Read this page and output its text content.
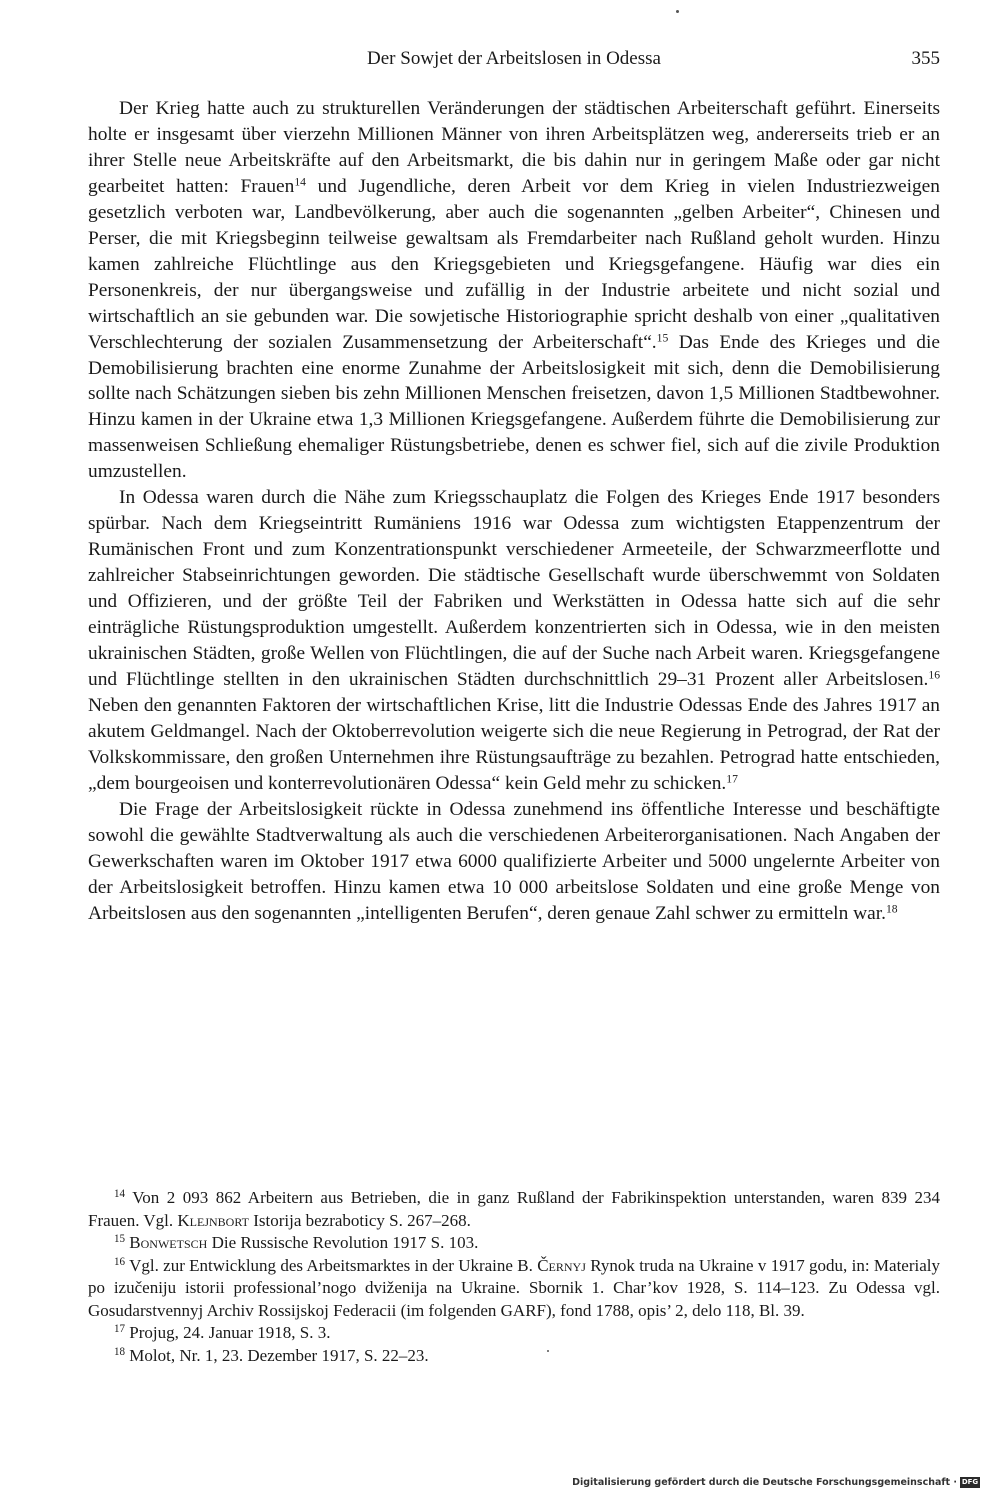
Der Sowjet der Arbeitslosen in Odessa	355

Der Krieg hatte auch zu strukturellen Veränderungen der städtischen Arbeiterschaft geführt. Einerseits holte er insgesamt über vierzehn Millionen Männer von ihren Arbeitsplätzen weg, andererseits trieb er an ihrer Stelle neue Arbeitskräfte auf den Arbeitsmarkt, die bis dahin nur in geringem Maße oder gar nicht gearbeitet hatten: Frauen$^{14}$ und Jugendliche, deren Arbeit vor dem Krieg in vielen Industriezweigen gesetzlich verboten war, Landbevölkerung, aber auch die sogenannten „gelben Arbeiter“, Chinesen und Perser, die mit Kriegsbeginn teilweise gewaltsam als Fremdarbeiter nach Rußland geholt wurden. Hinzu kamen zahlreiche Flüchtlinge aus den Kriegsgebieten und Kriegsgefangene. Häufig war dies ein Personenkreis, der nur übergangsweise und zufällig in der Industrie arbeitete und nicht sozial und wirtschaftlich an sie gebunden war. Die sowjetische Historiographie spricht deshalb von einer „qualitativen Verschlechterung der sozialen Zusammensetzung der Arbeiterschaft“.$^{15}$ Das Ende des Krieges und die Demobilisierung brachten eine enorme Zunahme der Arbeitslosigkeit mit sich, denn die Demobilisierung sollte nach Schätzungen sieben bis zehn Millionen Menschen freisetzen, davon 1,5 Millionen Stadtbewohner. Hinzu kamen in der Ukraine etwa 1,3 Millionen Kriegsgefangene. Außerdem führte die Demobilisierung zur massenweisen Schließung ehemaliger Rüstungsbetriebe, denen es schwer fiel, sich auf die zivile Produktion umzustellen.

In Odessa waren durch die Nähe zum Kriegsschauplatz die Folgen des Krieges Ende 1917 besonders spürbar. Nach dem Kriegseintritt Rumäniens 1916 war Odessa zum wichtigsten Etappenzentrum der Rumänischen Front und zum Konzentrationspunkt verschiedener Armeeteile, der Schwarzmeerflotte und zahlreicher Stabseinrichtungen geworden. Die städtische Gesellschaft wurde überschwemmt von Soldaten und Offizieren, und der größte Teil der Fabriken und Werkstätten in Odessa hatte sich auf die sehr einträgliche Rüstungsproduktion umgestellt. Außerdem konzentrierten sich in Odessa, wie in den meisten ukrainischen Städten, große Wellen von Flüchtlingen, die auf der Suche nach Arbeit waren. Kriegsgefangene und Flüchtlinge stellten in den ukrainischen Städten durchschnittlich 29–31 Prozent aller Arbeitslosen.$^{16}$ Neben den genannten Faktoren der wirtschaftlichen Krise, litt die Industrie Odessas Ende des Jahres 1917 an akutem Geldmangel. Nach der Oktoberrevolution weigerte sich die neue Regierung in Petrograd, der Rat der Volkskommissare, den großen Unternehmen ihre Rüstungsaufträge zu bezahlen. Petrograd hatte entschieden, „dem bourgeoisen und konterrevolutionären Odessa“ kein Geld mehr zu schicken.$^{17}$

Die Frage der Arbeitslosigkeit rückte in Odessa zunehmend ins öffentliche Interesse und beschäftigte sowohl die gewählte Stadtverwaltung als auch die verschiedenen Arbeiterorganisationen. Nach Angaben der Gewerkschaften waren im Oktober 1917 etwa 6000 qualifizierte Arbeiter und 5000 ungelernte Arbeiter von der Arbeitslosigkeit betroffen. Hinzu kamen etwa 10 000 arbeitslose Soldaten und eine große Menge von Arbeitslosen aus den sogenannten „intelligenten Berufen“, deren genaue Zahl schwer zu ermitteln war.$^{18}$

$^{14}$ Von 2 093 862 Arbeitern aus Betrieben, die in ganz Rußland der Fabrikinspektion unterstanden, waren 839 234 Frauen. Vgl. Klejnbort Istorija bezraboticy S. 267–268.

$^{15}$ Bonwetsch Die Russische Revolution 1917 S. 103.

$^{16}$ Vgl. zur Entwicklung des Arbeitsmarktes in der Ukraine B. Černyj Rynok truda na Ukraine v 1917 godu, in: Materialy po izučeniju istorii professional’nogo dviženija na Ukraine. Sbornik 1. Char’kov 1928, S. 114–123. Zu Odessa vgl. Gosudarstvennyj Archiv Rossijskoj Federacii (im folgenden GARF), fond 1788, opis’ 2, delo 118, Bl. 39.

$^{17}$ Projug, 24. Januar 1918, S. 3.

$^{18}$ Molot, Nr. 1, 23. Dezember 1917, S. 22–23.

Digitalisierung gefördert durch die Deutsche Forschungsgemeinschaft · DFG
